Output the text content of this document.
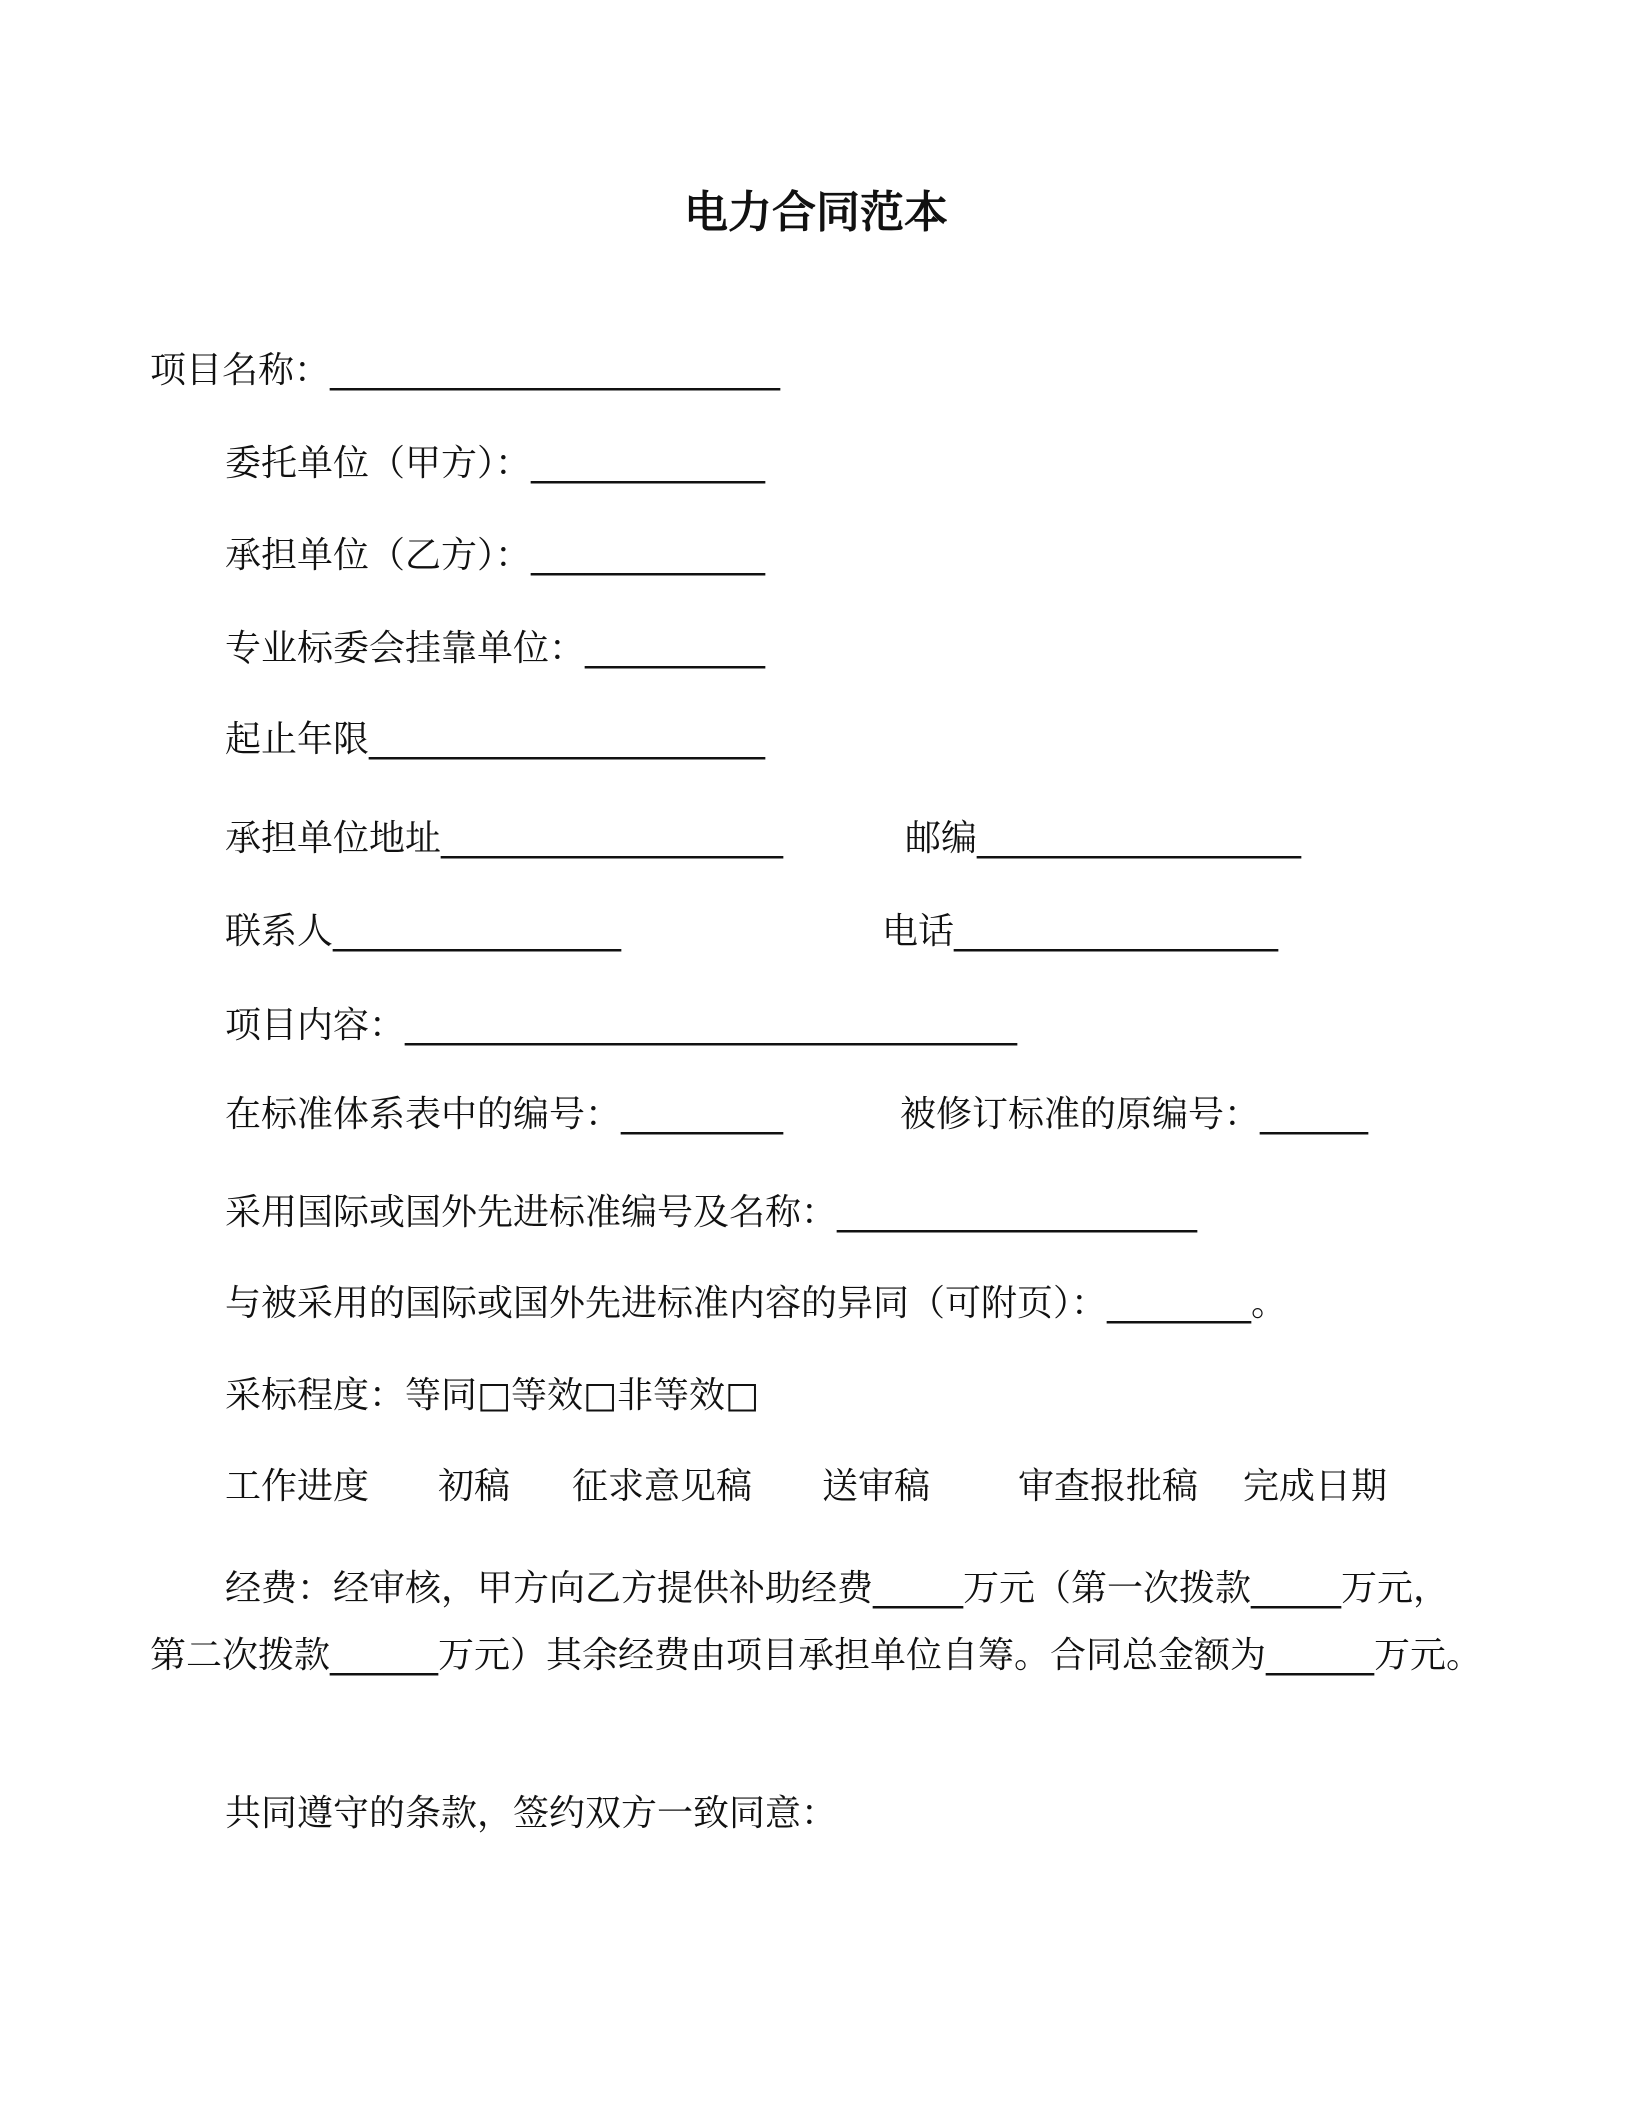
电力合同范本
项目名称：_________________________
委托单位（甲方）：_____________
承担单位（乙方）：_____________
专业标委会挂靠单位：__________
起止年限______________________
承担单位地址___________________	邮编__________________
联系人________________	电话__________________
项目内容：__________________________________
在标准体系表中的编号：_________	被修订标准的原编号：______
采用国际或国外先进标准编号及名称：____________________
与被采用的国际或国外先进标准内容的异同（可附页）：________。
采标程度：等同□等效□非等效□
工作进度 初稿 征求意见稿 送审稿 审查报批稿 完成日期
经费：经审核，甲方向乙方提供补助经费_____万元（第一次拨款_____万元，第二次拨款______万元）其余经费由项目承担单位自筹。合同总金额为______万元。
共同遵守的条款，签约双方一致同意：
